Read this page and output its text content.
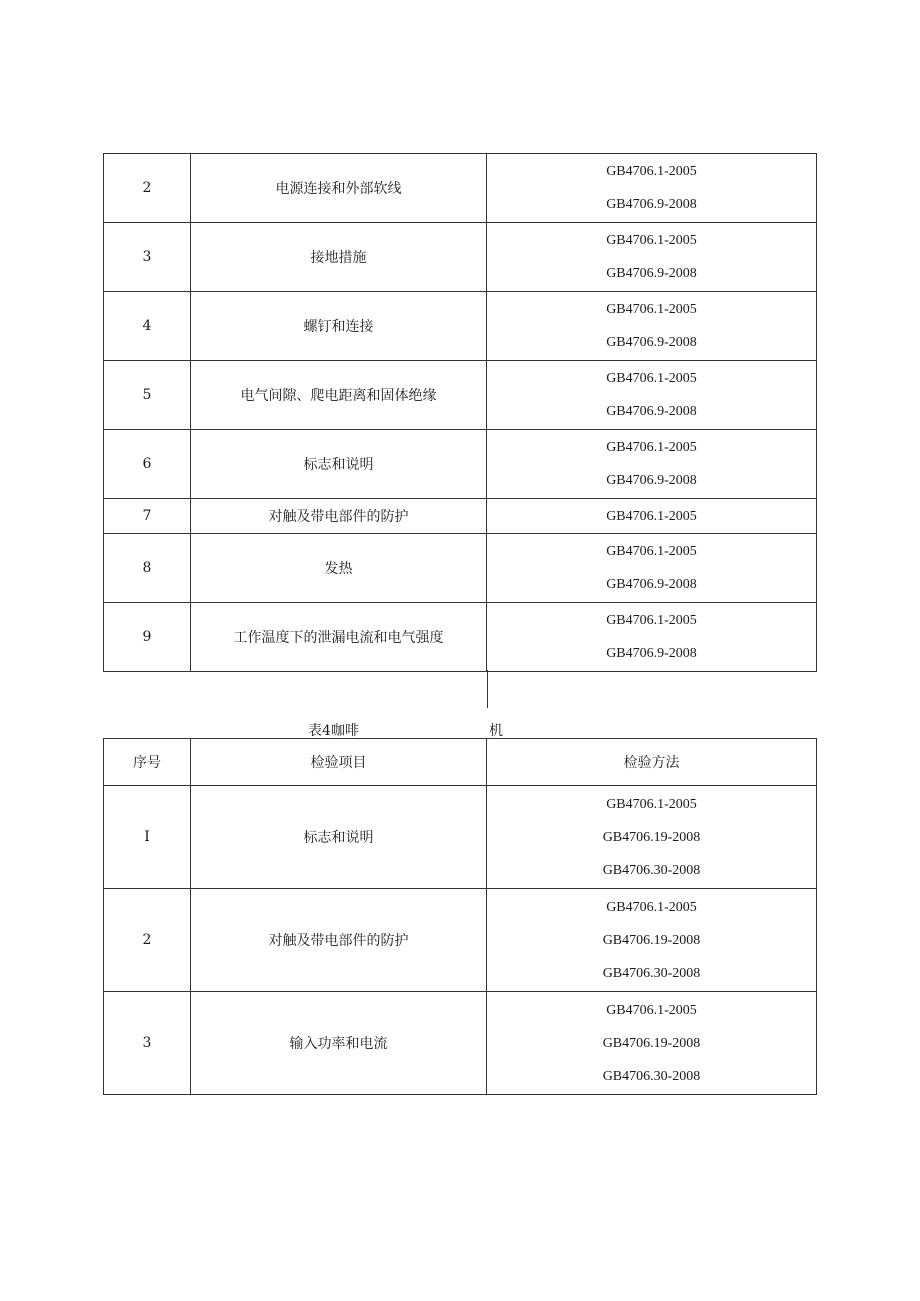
2	电源连接和外部软线	GB4706.1-2005
GB4706.9-2008

3	接地措施	GB4706.1-2005
GB4706.9-2008

4	螺钉和连接	GB4706.1-2005
GB4706.9-2008

5	电气间隙、爬电距离和固体绝缘	GB4706.1-2005
GB4706.9-2008

6	标志和说明	GB4706.1-2005
GB4706.9-2008

7	对触及带电部件的防护	GB4706.1-2005

8	发热	GB4706.1-2005
GB4706.9-2008

9	工作温度下的泄漏电流和电气强度	GB4706.1-2005
GB4706.9-2008
表4咖啡	机
序号	检验项目	检验方法
I	标志和说明	GB4706.1-2005
GB4706.19-2008
GB4706.30-2008

2	对触及带电部件的防护	GB4706.1-2005
GB4706.19-2008
GB4706.30-2008

3	输入功率和电流	GB4706.1-2005
GB4706.19-2008
GB4706.30-2008
